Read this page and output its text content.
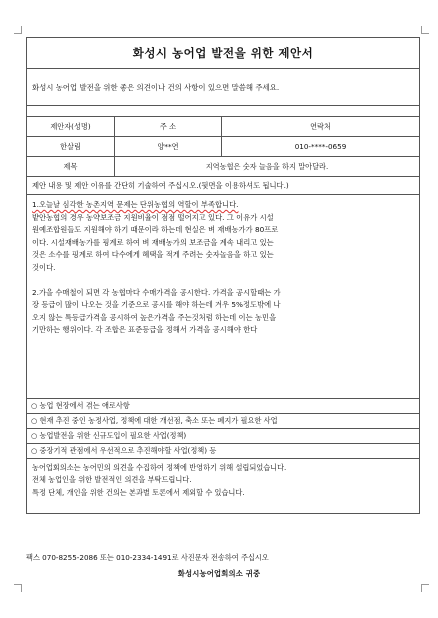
화성시 농어업 발전을 위한 제안서
화성시 농어업 발전을 위한 좋은 의견이나 건의 사항이 있으면 말씀해 주세요.
제안자(성명)	주 소	연락처
한살림	양**연	010-****-0659
제목	지역농협은 숫자 늘음을 하지 말아달라.
제안 내용 및 제안 이유를 간단히 기술하여 주십시오.(뒷면을 이용하셔도 됩니다.)

1.오늘날 심각한 농촌지역 문제는 단위농협의 역할이 부족합니다.

밭안농협의 경우 농약보조금 지원비율이 점점 떨어지고 있다. 그 이유가 시설

원예조합원들도 지원해야 하기 때문이라 하는데 현실은 벼 재배농가가 80프로

이다. 시설재배농가를 핑계로 하여 벼 재배농가의 보조금을 계속 내리고 있는

것은 소수를 핑계로 하여 다수에게 혜택을 적게 주려는 숫자놀음을 하고 있는

것이다.

2.가을 수매철이 되면 각 농협마다 수매가격을 공시한다. 가격을 공시할때는 가

장 등급이 많이 나오는 것을 기준으로 공시를 해야 하는데 겨우 5%정도밖에 나

오지 않는 특등급가격을 공시하여 높은가격을 주는것처럼 하는데 이는 농민을

기만하는 행위이다. 각 조합은 표준등급을 정해서 가격을 공시해야 한다

○ 농업 현장에서 겪는 애로사항
○ 현재 추진 중인 농정사업, 정책에 대한 개선점, 축소 또는 폐지가 필요한 사업
○ 농업발전을 위한 신규도입이 필요한 사업(정책)
○ 중장기적 관점에서 우선적으로 추진해야할 사업(정책) 등

농어업회의소는 농어민의 의견을 수집하여 정책에 반영하기 위해 설립되었습니다.

전체 농업인을 위한 발전적인 의견을 부탁드립니다.

특정 단체, 개인을 위한 건의는 본과별 토론에서 제외할 수 있습니다.

팩스 070-8255-2086 또는 010-2334-1491로 사진문자 전송하여 주십시오
화성시농어업회의소 귀중
